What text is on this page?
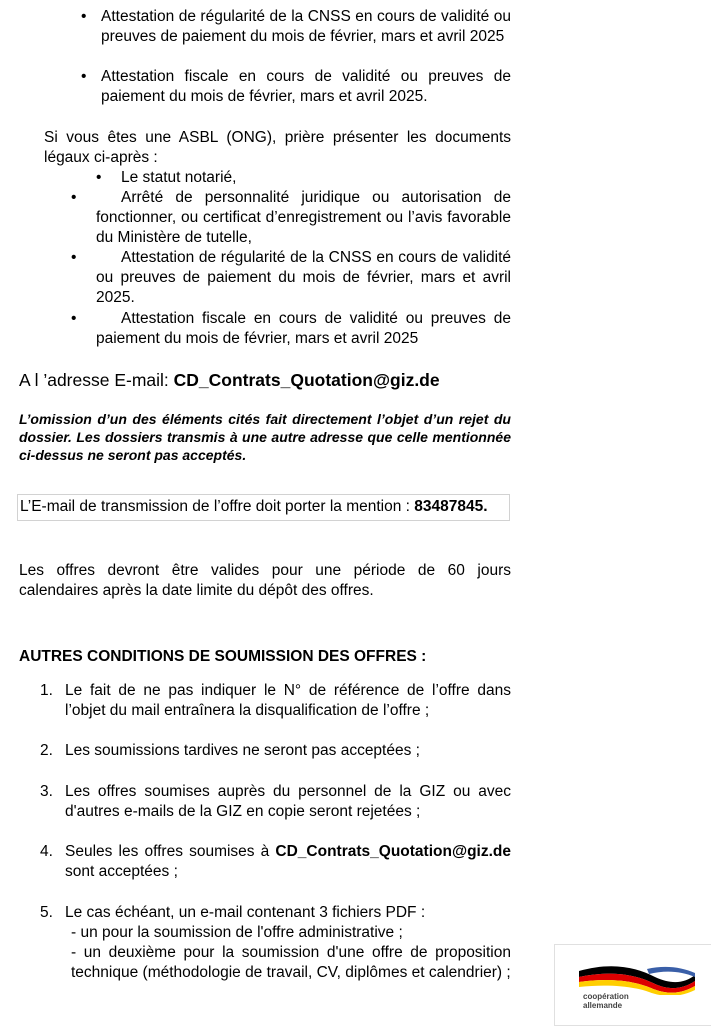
• Attestation de régularité de la CNSS en cours de validité ou preuves de paiement du mois de février, mars et avril 2025
• Attestation fiscale en cours de validité ou preuves de paiement du mois de février, mars et avril 2025.
Si vous êtes une ASBL (ONG), prière présenter les documents légaux ci-après :
•	Le statut notarié,
•	Arrêté de personnalité juridique ou autorisation de fonctionner, ou certificat d’enregistrement ou l’avis favorable du Ministère de tutelle,
•	Attestation de régularité de la CNSS en cours de validité ou preuves de paiement du mois de février, mars et avril 2025.
•	Attestation fiscale en cours de validité ou preuves de paiement du mois de février, mars et avril 2025
A l ’adresse E-mail: CD_Contrats_Quotation@giz.de
L’omission d’un des éléments cités fait directement l’objet d’un rejet du dossier. Les dossiers transmis à une autre adresse que celle mentionnée ci-dessus ne seront pas acceptés.
L’E-mail de transmission de l’offre doit porter la mention : 83487845.
Les offres devront être valides pour une période de 60 jours calendaires après la date limite du dépôt des offres.
AUTRES CONDITIONS DE SOUMISSION DES OFFRES :
1. Le fait de ne pas indiquer le N° de référence de l’offre dans l’objet du mail entraînera la disqualification de l’offre ;
2. Les soumissions tardives ne seront pas acceptées ;
3. Les offres soumises auprès du personnel de la GIZ ou avec d'autres e-mails de la GIZ en copie seront rejetées ;
4. Seules les offres soumises à CD_Contrats_Quotation@giz.de sont acceptées ;
5. Le cas échéant, un e-mail contenant 3 fichiers PDF :
- un pour la soumission de l'offre administrative ;
- un deuxième pour la soumission d'une offre de proposition technique (méthodologie de travail, CV, diplômes et calendrier) ;
coopération
allemande
